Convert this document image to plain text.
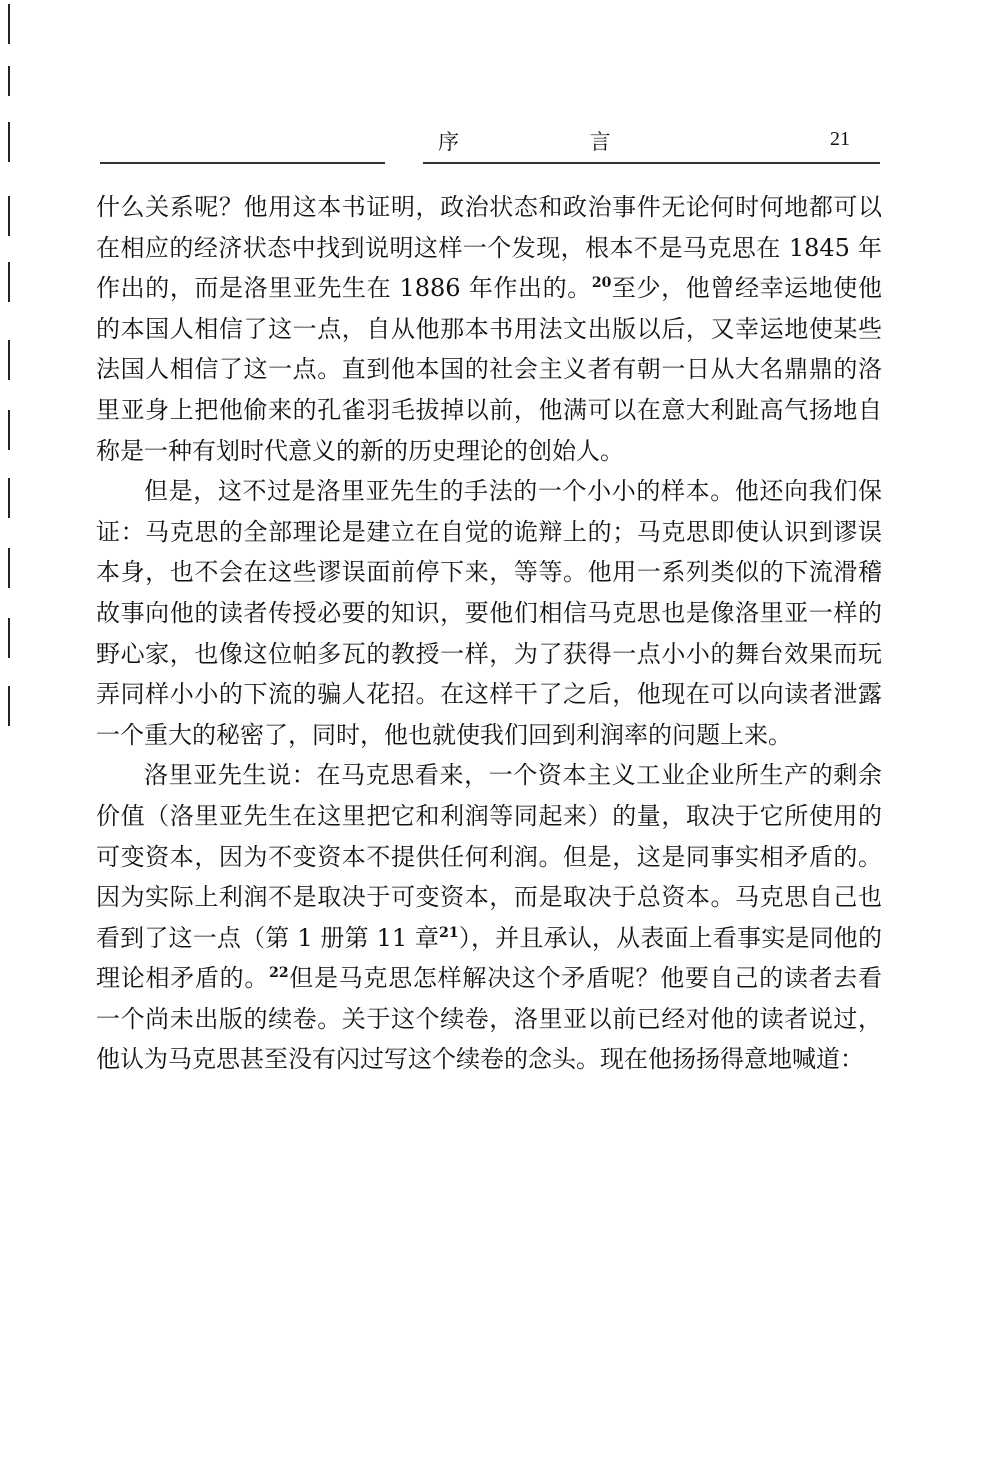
序 言	21

什么关系呢？他用这本书证明，政治状态和政治事件无论何时何地都可以在相应的经济状态中找到说明这样一个发现，根本不是马克思在 1845 年作出的，而是洛里亚先生在 1886 年作出的。$^{20}$至少，他曾经幸运地使他的本国人相信了这一点，自从他那本书用法文出版以后，又幸运地使某些法国人相信了这一点。直到他本国的社会主义者有朝一日从大名鼎鼎的洛里亚身上把他偷来的孔雀羽毛拔掉以前，他满可以在意大利趾高气扬地自称是一种有划时代意义的新的历史理论的创始人。

但是，这不过是洛里亚先生的手法的一个小小的样本。他还向我们保证：马克思的全部理论是建立在自觉的诡辩上的；马克思即使认识到谬误本身，也不会在这些谬误面前停下来，等等。他用一系列类似的下流滑稽故事向他的读者传授必要的知识，要他们相信马克思也是像洛里亚一样的野心家，也像这位帕多瓦的教授一样，为了获得一点小小的舞台效果而玩弄同样小小的下流的骗人花招。在这样干了之后，他现在可以向读者泄露一个重大的秘密了，同时，他也就使我们回到利润率的问题上来。

洛里亚先生说：在马克思看来，一个资本主义工业企业所生产的剩余价值（洛里亚先生在这里把它和利润等同起来）的量，取决于它所使用的可变资本，因为不变资本不提供任何利润。但是，这是同事实相矛盾的。因为实际上利润不是取决于可变资本，而是取决于总资本。马克思自己也看到了这一点（第 1 册第 11 章$^{21}$），并且承认，从表面上看事实是同他的理论相矛盾的。$^{22}$但是马克思怎样解决这个矛盾呢？他要自己的读者去看一个尚未出版的续卷。关于这个续卷，洛里亚以前已经对他的读者说过，他认为马克思甚至没有闪过写这个续卷的念头。现在他扬扬得意地喊道：
